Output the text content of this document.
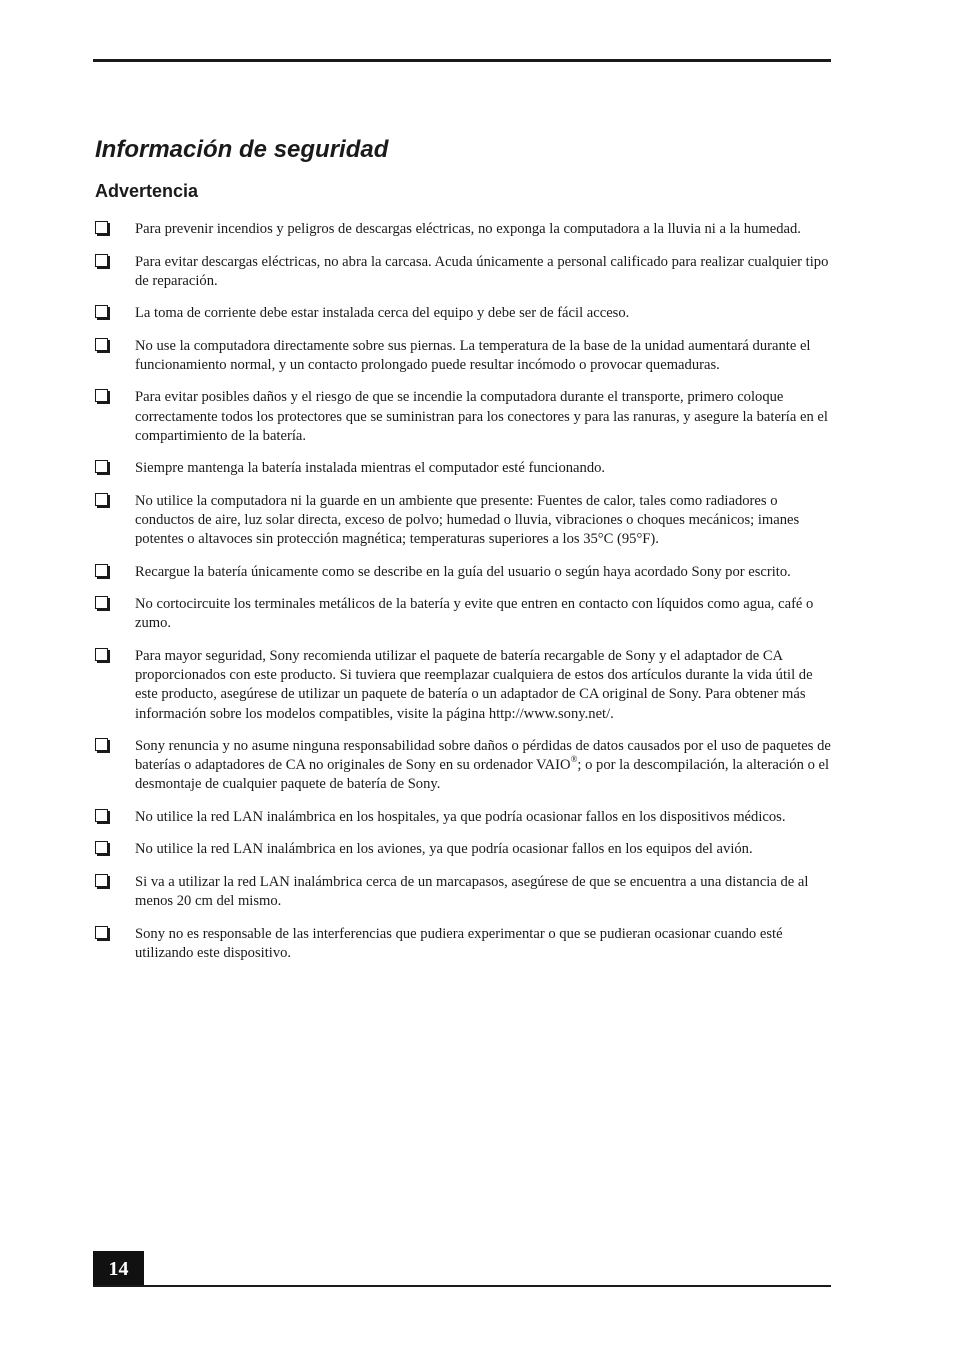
Información de seguridad
Advertencia
Para prevenir incendios y peligros de descargas eléctricas, no exponga la computadora a la lluvia ni a la humedad.
Para evitar descargas eléctricas, no abra la carcasa. Acuda únicamente a personal calificado para realizar cualquier tipo de reparación.
La toma de corriente debe estar instalada cerca del equipo y debe ser de fácil acceso.
No use la computadora directamente sobre sus piernas. La temperatura de la base de la unidad aumentará durante el funcionamiento normal, y un contacto prolongado puede resultar incómodo o provocar quemaduras.
Para evitar posibles daños y el riesgo de que se incendie la computadora durante el transporte, primero coloque correctamente todos los protectores que se suministran para los conectores y para las ranuras, y asegure la batería en el compartimiento de la batería.
Siempre mantenga la batería instalada mientras el computador esté funcionando.
No utilice la computadora ni la guarde en un ambiente que presente: Fuentes de calor, tales como radiadores o conductos de aire, luz solar directa, exceso de polvo; humedad o lluvia, vibraciones o choques mecánicos; imanes potentes o altavoces sin protección magnética; temperaturas superiores a los 35°C (95°F).
Recargue la batería únicamente como se describe en la guía del usuario o según haya acordado Sony por escrito.
No cortocircuite los terminales metálicos de la batería y evite que entren en contacto con líquidos como agua, café o zumo.
Para mayor seguridad, Sony recomienda utilizar el paquete de batería recargable de Sony y el adaptador de CA proporcionados con este producto. Si tuviera que reemplazar cualquiera de estos dos artículos durante la vida útil de este producto, asegúrese de utilizar un paquete de batería o un adaptador de CA original de Sony. Para obtener más información sobre los modelos compatibles, visite la página http://www.sony.net/.
Sony renuncia y no asume ninguna responsabilidad sobre daños o pérdidas de datos causados por el uso de paquetes de baterías o adaptadores de CA no originales de Sony en su ordenador VAIO®; o por la descompilación, la alteración o el desmontaje de cualquier paquete de batería de Sony.
No utilice la red LAN inalámbrica en los hospitales, ya que podría ocasionar fallos en los dispositivos médicos.
No utilice la red LAN inalámbrica en los aviones, ya que podría ocasionar fallos en los equipos del avión.
Si va a utilizar la red LAN inalámbrica cerca de un marcapasos, asegúrese de que se encuentra a una distancia de al menos 20 cm del mismo.
Sony no es responsable de las interferencias que pudiera experimentar o que se pudieran ocasionar cuando esté utilizando este dispositivo.
14
